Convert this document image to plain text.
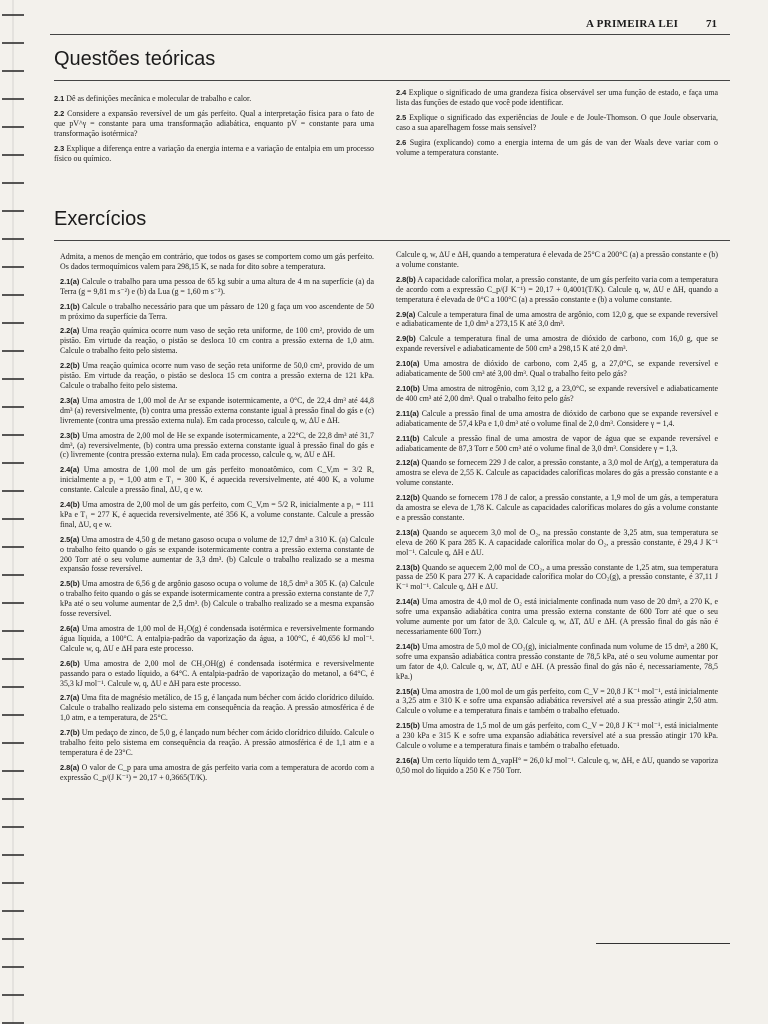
A PRIMEIRA LEI	71
Questões teóricas

2.1 Dê as definições mecânica e molecular de trabalho e calor.

2.2 Considere a expansão reversível de um gás perfeito. Qual a interpretação física para o fato de que pV^γ = constante para uma transformação adiabática, enquanto pV = constante para uma transformação isotérmica?

2.3 Explique a diferença entre a variação da energia interna e a variação de entalpia em um processo físico ou químico.

2.4 Explique o significado de uma grandeza física observável ser uma função de estado, e faça uma lista das funções de estado que você pode identificar.

2.5 Explique o significado das experiências de Joule e de Joule-Thomson. O que Joule observaria, caso a sua aparelhagem fosse mais sensível?

2.6 Sugira (explicando) como a energia interna de um gás de van der Waals deve variar com o volume a temperatura constante.

Exercícios

Admita, a menos de menção em contrário, que todos os gases se comportem como um gás perfeito. Os dados termoquímicos valem para 298,15 K, se nada for dito sobre a temperatura.

2.1(a) Calcule o trabalho para uma pessoa de 65 kg subir a uma altura de 4 m na superfície (a) da Terra (g = 9,81 m s⁻²) e (b) da Lua (g = 1,60 m s⁻²).

2.1(b) Calcule o trabalho necessário para que um pássaro de 120 g faça um voo ascendente de 50 m próximo da superfície da Terra.

2.2(a) Uma reação química ocorre num vaso de seção reta uniforme, de 100 cm², provido de um pistão. Em virtude da reação, o pistão se desloca 10 cm contra a pressão externa de 1,0 atm. Calcule o trabalho feito pelo sistema.

2.2(b) Uma reação química ocorre num vaso de seção reta uniforme de 50,0 cm², provido de um pistão. Em virtude da reação, o pistão se desloca 15 cm contra a pressão externa de 121 kPa. Calcule o trabalho feito pelo sistema.

2.3(a) Uma amostra de 1,00 mol de Ar se expande isotermicamente, a 0°C, de 22,4 dm³ até 44,8 dm³ (a) reversivelmente, (b) contra uma pressão externa constante igual à pressão final do gás e (c) livremente (contra uma pressão externa nula). Em cada processo, calcule q, w, ΔU e ΔH.

2.3(b) Uma amostra de 2,00 mol de He se expande isotermicamente, a 22°C, de 22,8 dm³ até 31,7 dm³, (a) reversivelmente, (b) contra uma pressão externa constante igual à pressão final do gás e (c) livremente (contra pressão externa nula). Em cada processo, calcule q, w, ΔU e ΔH.

2.4(a) Uma amostra de 1,00 mol de um gás perfeito monoatômico, com C_V,m = 3/2 R, inicialmente a p₁ = 1,00 atm e T₁ = 300 K, é aquecida reversivelmente, até 400 K, a volume constante. Calcule a pressão final, ΔU, q e w.

2.4(b) Uma amostra de 2,00 mol de um gás perfeito, com C_V,m = 5/2 R, inicialmente a p₁ = 111 kPa e T₁ = 277 K, é aquecida reversivelmente, até 356 K, a volume constante. Calcule a pressão final, ΔU, q e w.

2.5(a) Uma amostra de 4,50 g de metano gasoso ocupa o volume de 12,7 dm³ a 310 K. (a) Calcule o trabalho feito quando o gás se expande isotermicamente contra a pressão externa constante de 200 Torr até o seu volume aumentar de 3,3 dm³. (b) Calcule o trabalho realizado se a mesma expansão fosse reversível.

2.5(b) Uma amostra de 6,56 g de argônio gasoso ocupa o volume de 18,5 dm³ a 305 K. (a) Calcule o trabalho feito quando o gás se expande isotermicamente contra a pressão externa constante de 7,7 kPa até o seu volume aumentar de 2,5 dm³. (b) Calcule o trabalho realizado se a mesma expansão fosse reversível.

2.6(a) Uma amostra de 1,00 mol de H₂O(g) é condensada isotérmica e reversivelmente formando água líquida, a 100°C. A entalpia-padrão da vaporização da água, a 100°C, é 40,656 kJ mol⁻¹. Calcule w, q, ΔU e ΔH para este processo.

2.6(b) Uma amostra de 2,00 mol de CH₃OH(g) é condensada isotérmica e reversivelmente passando para o estado líquido, a 64°C. A entalpia-padrão de vaporização do metanol, a 64°C, é 35,3 kJ mol⁻¹. Calcule w, q, ΔU e ΔH para este processo.

2.7(a) Uma fita de magnésio metálico, de 15 g, é lançada num bécher com ácido clorídrico diluído. Calcule o trabalho realizado pelo sistema em consequência da reação. A pressão atmosférica é de 1,0 atm, e a temperatura, de 25°C.

2.7(b) Um pedaço de zinco, de 5,0 g, é lançado num bécher com ácido clorídrico diluído. Calcule o trabalho feito pelo sistema em consequência da reação. A pressão atmosférica é de 1,1 atm e a temperatura é de 23°C.

2.8(a) O valor de C_p para uma amostra de gás perfeito varia com a temperatura de acordo com a expressão C_p/(J K⁻¹) = 20,17 + 0,3665(T/K).

Calcule q, w, ΔU e ΔH, quando a temperatura é elevada de 25°C a 200°C (a) a pressão constante e (b) a volume constante.

2.8(b) A capacidade calorífica molar, a pressão constante, de um gás perfeito varia com a temperatura de acordo com a expressão C_p/(J K⁻¹) = 20,17 + 0,4001(T/K). Calcule q, w, ΔU e ΔH, quando a temperatura é elevada de 0°C a 100°C (a) a pressão constante e (b) a volume constante.

2.9(a) Calcule a temperatura final de uma amostra de argônio, com 12,0 g, que se expande reversível e adiabaticamente de 1,0 dm³ a 273,15 K até 3,0 dm³.

2.9(b) Calcule a temperatura final de uma amostra de dióxido de carbono, com 16,0 g, que se expande reversível e adiabaticamente de 500 cm³ a 298,15 K até 2,0 dm³.

2.10(a) Uma amostra de dióxido de carbono, com 2,45 g, a 27,0°C, se expande reversível e adiabaticamente de 500 cm³ até 3,00 dm³. Qual o trabalho feito pelo gás?

2.10(b) Uma amostra de nitrogênio, com 3,12 g, a 23,0°C, se expande reversível e adiabaticamente de 400 cm³ até 2,00 dm³. Qual o trabalho feito pelo gás?

2.11(a) Calcule a pressão final de uma amostra de dióxido de carbono que se expande reversível e adiabaticamente de 57,4 kPa e 1,0 dm³ até o volume final de 2,0 dm³. Considere γ = 1,4.

2.11(b) Calcule a pressão final de uma amostra de vapor de água que se expande reversível e adiabaticamente de 87,3 Torr e 500 cm³ até o volume final de 3,0 dm³. Considere γ = 1,3.

2.12(a) Quando se fornecem 229 J de calor, a pressão constante, a 3,0 mol de Ar(g), a temperatura da amostra se eleva de 2,55 K. Calcule as capacidades caloríficas molares do gás a pressão constante e a volume constante.

2.12(b) Quando se fornecem 178 J de calor, a pressão constante, a 1,9 mol de um gás, a temperatura da amostra se eleva de 1,78 K. Calcule as capacidades caloríficas molares do gás a volume constante e a pressão constante.

2.13(a) Quando se aquecem 3,0 mol de O₂, na pressão constante de 3,25 atm, sua temperatura se eleva de 260 K para 285 K. A capacidade calorífica molar do O₂, a pressão constante, é 29,4 J K⁻¹ mol⁻¹. Calcule q, ΔH e ΔU.

2.13(b) Quando se aquecem 2,00 mol de CO₂, a uma pressão constante de 1,25 atm, sua temperatura passa de 250 K para 277 K. A capacidade calorífica molar do CO₂(g), a pressão constante, é 37,11 J K⁻¹ mol⁻¹. Calcule q, ΔH e ΔU.

2.14(a) Uma amostra de 4,0 mol de O₂ está inicialmente confinada num vaso de 20 dm³, a 270 K, e sofre uma expansão adiabática contra uma pressão externa constante de 600 Torr até que o seu volume aumente por um fator de 3,0. Calcule q, w, ΔT, ΔU e ΔH. (A pressão final do gás não é necessariamente 600 Torr.)

2.14(b) Uma amostra de 5,0 mol de CO₂(g), inicialmente confinada num volume de 15 dm³, a 280 K, sofre uma expansão adiabática contra pressão constante de 78,5 kPa, até o seu volume aumentar por um fator de 4,0. Calcule q, w, ΔT, ΔU e ΔH. (A pressão final do gás não é, necessariamente, 78,5 kPa.)

2.15(a) Uma amostra de 1,00 mol de um gás perfeito, com C_V = 20,8 J K⁻¹ mol⁻¹, está inicialmente a 3,25 atm e 310 K e sofre uma expansão adiabática reversível até a sua pressão atingir 2,50 atm. Calcule o volume e a temperatura finais e também o trabalho efetuado.

2.15(b) Uma amostra de 1,5 mol de um gás perfeito, com C_V = 20,8 J K⁻¹ mol⁻¹, está inicialmente a 230 kPa e 315 K e sofre uma expansão adiabática reversível até a sua pressão atingir 170 kPa. Calcule o volume e a temperatura finais e também o trabalho efetuado.

2.16(a) Um certo líquido tem Δ_vapH° = 26,0 kJ mol⁻¹. Calcule q, w, ΔH, e ΔU, quando se vaporiza 0,50 mol do líquido a 250 K e 750 Torr.
